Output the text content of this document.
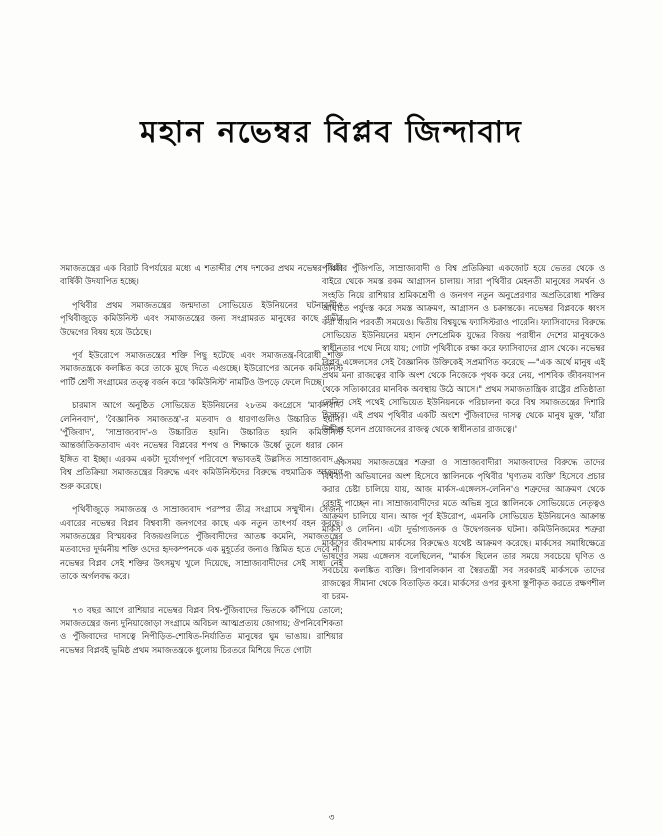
মহান নভেম্বর বিপ্লব জিন্দাবাদ

সমাজতন্ত্রের এক বিরাট বিপর্যয়ের মধ্যে এ শতাব্দীর শেষ দশকের প্রথম নভেম্বর বিপ্লব বার্ষিকী উদযাপিত হচ্ছে।

পৃথিবীর প্রথম সমাজতন্ত্রের জন্মদাতা সোভিয়েত ইউনিয়নের ঘটনাবলীও পৃথিবীজুড়ে কমিউনিস্ট এবং সমাজতন্ত্রের জন্য সংগ্রামরত মানুষের কাছে গভীর উদ্বেগের বিষয় হয়ে উঠেছে।

পূর্ব ইউরোপে সমাজতন্ত্রের শক্তি পিছু হটেছে এবং সমাজতন্ত্র-বিরোধী শক্তি সমাজতন্ত্রকে কলঙ্কিত করে তাকে মুছে দিতে এগুচ্ছে। ইউরোপের অনেক কমিউনিস্ট পার্টি শ্রেণী সংগ্রামের তত্ত্ব বর্জন করে 'কমিউনিস্ট' নামটিও উপড়ে ফেলে দিচ্ছে।

চারমাস আগে অনুষ্ঠিত সোভিয়েত ইউনিয়নের ২৮তম কংগ্রেসে 'মার্কসবাদ-লেনিনবাদ', 'বৈজ্ঞানিক সমাজতন্ত্র'-র মতবাদ ও ধারণাগুলিও উচ্চারিত হয়নি। 'পুঁজিবাদ', 'সাম্রাজ্যবাদ'-ও উচ্চারিত হয়নি। উচ্চারিত হয়নি কমিউনিস্ট আন্তর্জাতিকতাবাদ এবং নভেম্বর বিপ্লবের শপথ ও শিক্ষাকে উর্ধ্বে তুলে ধরার কোন ইঙ্গিত বা ইচ্ছা। এরকম একটা দুর্যোগপূর্ণ পরিবেশে স্বভাবতই উল্লসিত সাম্রাজ্যবাদ ও বিশ্ব প্রতিক্রিয়া সমাজতন্ত্রের বিরুদ্ধে এবং কমিউনিস্টদের বিরুদ্ধে বহুমাত্রিক আক্রমণ শুরু করেছে।

পৃথিবীজুড়ে সমাজতন্ত্র ও সাম্রাজ্যবাদ পরস্পর তীব্র সংগ্রামে সম্মুখীন। সেজন্য এবারের নভেম্বর বিপ্লব বিশ্ববাসী জনগণের কাছে এক নতুন তাৎপর্য বহন করছে। সমাজতন্ত্রের বিস্ময়কর বিজয়গুলিতে পুঁজিবাদীদের আতঙ্ক কমেনি, সমাজতন্ত্রের মতবাদের দুর্দমনীয় শক্তি ওদের হৃদকম্পনকে এক মুহূর্তের জন্যও স্তিমিত হতে দেবে না। নভেম্বর বিপ্লব সেই শক্তির উৎসমুখ খুলে দিয়েছে, সাম্রাজ্যবাদীদের সেই সাধ্য নেই তাকে অর্গলবদ্ধ করে।

৭৩ বছর আগে রাশিয়ার নভেম্বর বিপ্লব বিশ্ব-পুঁজিবাদের ভিতকে কাঁপিয়ে তোলে; সমাজতন্ত্রের জন্য দুনিয়াজোড়া সংগ্রামে অবিচল আত্মপ্রত্যয় জোগায়; ঔপনিবেশিকতা ও পুঁজিবাদের দাসত্বে নিপীড়িত-শোষিত-নির্যাতিত মানুষের ঘুম ভাঙায়। রাশিয়ার নভেম্বর বিপ্লবই ভূমিষ্ঠ প্রথম সমাজতন্ত্রকে ধুলোয় চিরতরে মিশিয়ে দিতে গোটা

পৃথিবীর পুঁজিপতি, সাম্রাজ্যবাদী ও বিশ্ব প্রতিক্রিয়া একজোট হয়ে ভেতর থেকে ও বাইরে থেকে সমস্ত রকম আগ্রাসন চালায়। সারা পৃথিবীর মেহনতী মানুষের সমর্থন ও সংহতি নিয়ে রাশিয়ার শ্রমিকশ্রেণী ও জনগণ নতুন অনুপ্রেরণার অপ্রতিরোধ্য শক্তির আঘাতে পর্যুদস্ত করে সমস্ত আক্রমণ, আগ্রাসন ও চক্রান্তকে। নভেম্বর বিপ্লবকে ধ্বংস করা যায়নি পরবর্তী সময়েও। দ্বিতীয় বিশ্বযুদ্ধে ফ্যাসিস্টরাও পারেনি। ফ্যাসিবাদের বিরুদ্ধে সোভিয়েত ইউনিয়নের মহান দেশপ্রেমিক যুদ্ধের বিজয় পরাধীন দেশের মানুষকেও স্বাধীনতার পথে নিয়ে যায়; গোটা পৃথিবীকে রক্ষা করে ফ্যাসিবাদের গ্রাস থেকে। নভেম্বর বিপ্লব এঙ্গেলসের সেই বৈজ্ঞানিক উক্তিকেই সপ্রমাণিত করেছে —"এক অর্থে মানুষ এই প্রথম মনা রাজত্বের বাকি অংশ থেকে নিজেকে পৃথক করে নেয়, পাশবিক জীবনযাপন থেকে সত্যিকারের মানবিক অবস্থায় উঠে আসে।" প্রথম সমাজতান্ত্রিক রাষ্ট্রের প্রতিষ্ঠাতা লেনিন সেই পথেই সোভিয়েত ইউনিয়নকে পরিচালনা করে বিশ্ব সমাজতন্ত্রের দিশারি হিসাবে। এই প্রথম পৃথিবীর একটি অংশে পুঁজিবাদের দাসত্ব থেকে মানুষ মুক্ত, 'যাঁরা উদ্দীপ্ত হলেন প্রয়োজনের রাজত্ব থেকে স্বাধীনতার রাজত্বে।'

একসময় সমাজতন্ত্রের শত্রুরা ও সাম্রাজ্যবাদীরা সমাজবাদের বিরুদ্ধে তাদের বিশ্বব্যাপী অভিযানের অংশ হিসেবে স্তালিনকে পৃথিবীর 'ঘৃণ্যতম ব্যক্তি' হিসেবে প্রচার করার চেষ্টা চালিয়ে যায়, আজ মার্কস-এঙ্গেলস-লেনিন'ও শত্রুদের আক্রমণ থেকে রেহাই পাচ্ছেন না। সাম্রাজ্যবাদীদের মতে অভিন্ন সুরে স্তালিনকে সোভিয়েতে নেতৃত্বও আক্রমণ চালিয়ে যান। আজ পূর্ব ইউরোপ, এমনকি সোভিয়েত ইউনিয়নেও আক্রান্ত মার্কস ও লেনিন। এটা দুর্ভাগ্যজনক ও উদ্বেগজনক ঘটনা। কমিউনিজমের শত্রুরা মার্কসের জীবদ্দশায় মার্কসের বিরুদ্ধেও যথেষ্ট আক্রমণ করেছে। মার্কসের সমাধিক্ষেত্রে ভাষণের সময় এঙ্গেলস বলেছিলেন, "মার্কস ছিলেন তার সময়ে সবচেয়ে ঘৃণিত ও সবচেয়ে কলঙ্কিত ব্যক্তি। রিপাবলিকান বা স্বৈরতন্ত্রী সব সরকারই মার্কসকে তাদের রাজত্বের সীমানা থেকে বিতাড়িত করে। মার্কসের ওপর কুৎসা স্তূপীকৃত করতে রক্ষণশীল বা চরম-

৩
